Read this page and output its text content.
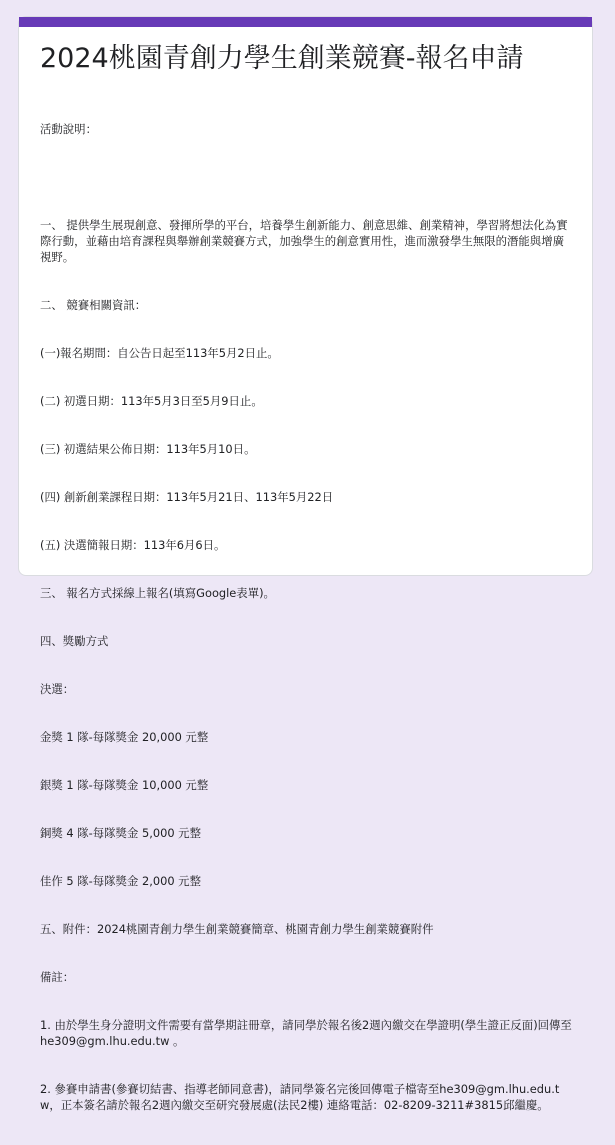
2024桃園青創力學生創業競賽-報名申請

活動說明：

一、 提供學生展現創意、發揮所學的平台，培養學生創新能力、創意思維、創業精神，學習將想法化為實際行動，並藉由培育課程與舉辦創業競賽方式，加強學生的創意實用性，進而激發學生無限的潛能與增廣視野。

二、 競賽相關資訊：

(一)報名期間：自公告日起至113年5月2日止。

(二) 初選日期：113年5月3日至5月9日止。

(三) 初選結果公佈日期：113年5月10日。

(四) 創新創業課程日期：113年5月21日、113年5月22日

(五) 決選簡報日期：113年6月6日。

三、 報名方式採線上報名(填寫Google表單)。

四、獎勵方式

決選：

金獎 1 隊-每隊獎金 20,000 元整

銀獎 1 隊-每隊獎金 10,000 元整

銅獎 4 隊-每隊獎金 5,000 元整

佳作 5 隊-每隊獎金 2,000 元整

五、附件：2024桃園青創力學生創業競賽簡章、桃園青創力學生創業競賽附件

備註：

1. 由於學生身分證明文件需要有當學期註冊章，請同學於報名後2週內繳交在學證明(學生證正反面)回傳至 he309@gm.lhu.edu.tw 。

2. 參賽申請書(參賽切結書、指導老師同意書)，請同學簽名完後回傳電子檔寄至he309@gm.lhu.edu.tw，正本簽名請於報名2週內繳交至研究發展處(法民2樓) 連絡電話：02-8209-3211#3815邱繼慶。
